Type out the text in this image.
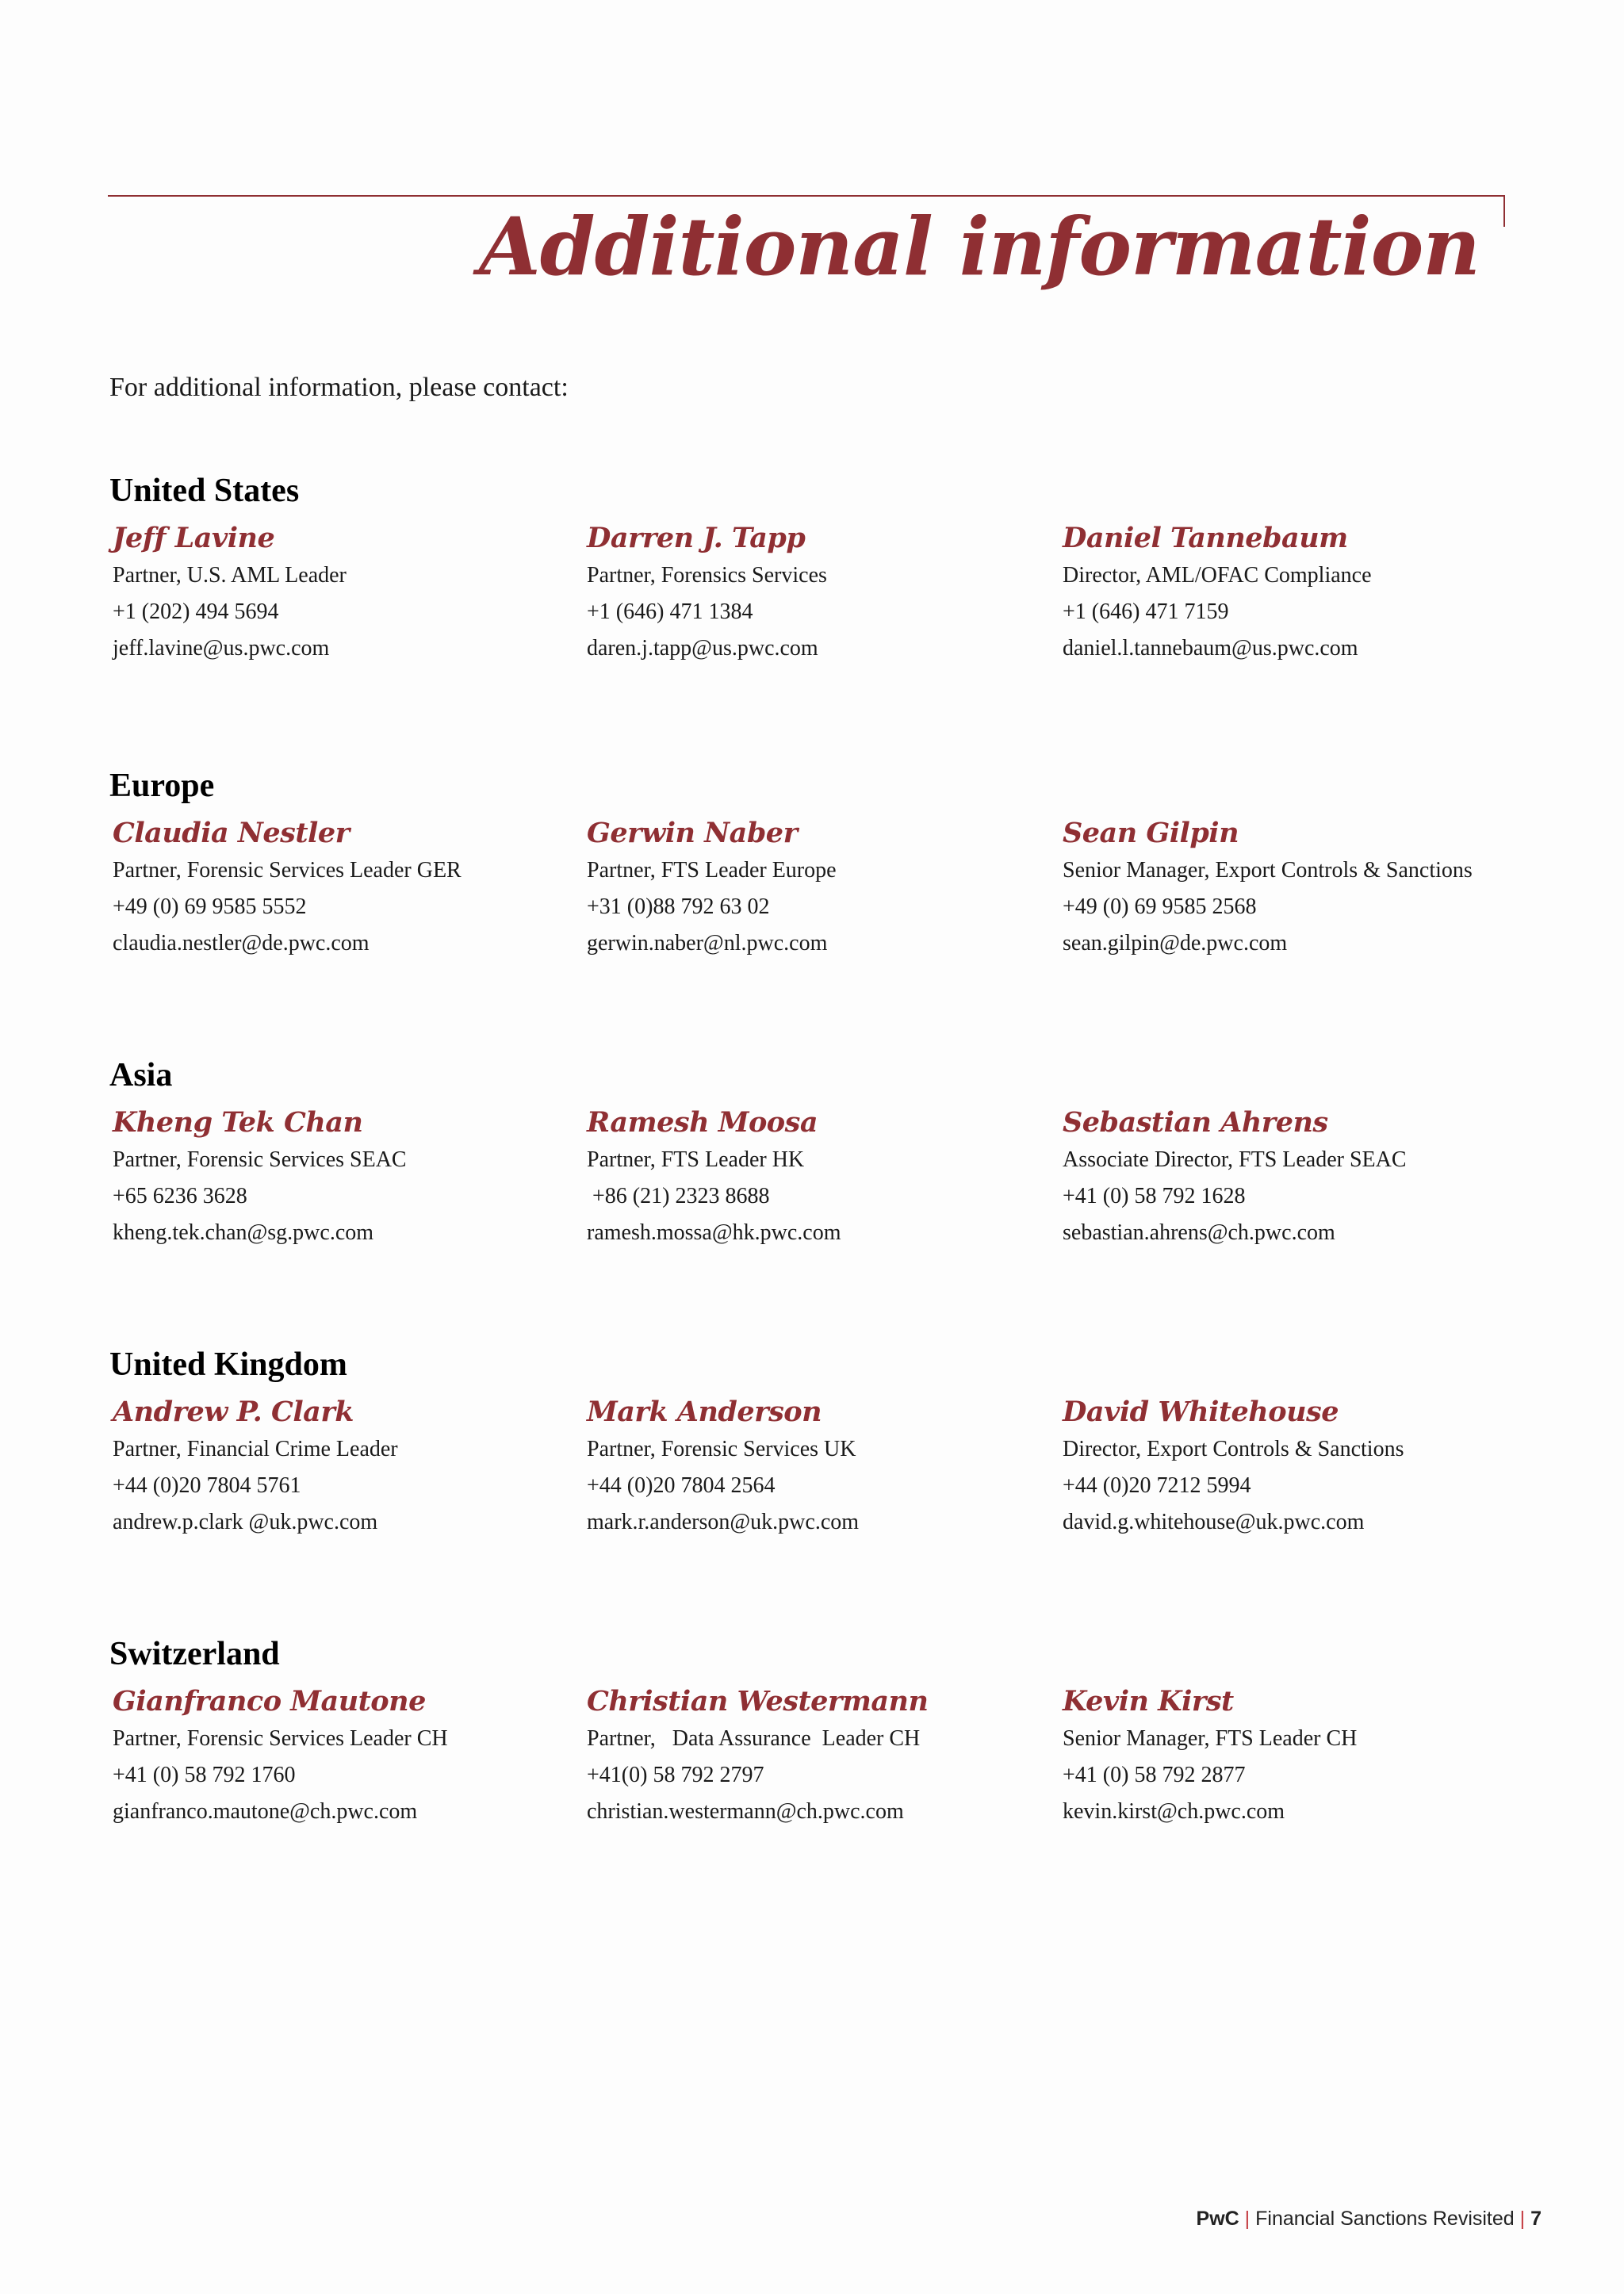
Additional information

For additional information, please contact:

United States
Jeff Lavine
Partner, U.S. AML Leader
+1 (202) 494 5694
jeff.lavine@us.pwc.com
Darren J. Tapp
Partner, Forensics Services
+1 (646) 471 1384
daren.j.tapp@us.pwc.com
Daniel Tannebaum
Director, AML/OFAC Compliance
+1 (646) 471 7159
daniel.l.tannebaum@us.pwc.com
Europe
Claudia Nestler
Partner, Forensic Services Leader GER
+49 (0) 69 9585 5552
claudia.nestler@de.pwc.com
Gerwin Naber
Partner, FTS Leader Europe
+31 (0)88 792 63 02
gerwin.naber@nl.pwc.com
Sean Gilpin
Senior Manager, Export Controls & Sanctions
+49 (0) 69 9585 2568
sean.gilpin@de.pwc.com
Asia
Kheng Tek Chan
Partner, Forensic Services SEAC
+65 6236 3628
kheng.tek.chan@sg.pwc.com
Ramesh Moosa
Partner, FTS Leader HK
+86 (21) 2323 8688
ramesh.mossa@hk.pwc.com
Sebastian Ahrens
Associate Director, FTS Leader SEAC
+41 (0) 58 792 1628
sebastian.ahrens@ch.pwc.com
United Kingdom
Andrew P. Clark
Partner, Financial Crime Leader
+44 (0)20 7804 5761
andrew.p.clark @uk.pwc.com
Mark Anderson
Partner, Forensic Services UK
+44 (0)20 7804 2564
mark.r.anderson@uk.pwc.com
David Whitehouse
Director, Export Controls & Sanctions
+44 (0)20 7212 5994
david.g.whitehouse@uk.pwc.com
Switzerland
Gianfranco Mautone
Partner, Forensic Services Leader CH
+41 (0) 58 792 1760
gianfranco.mautone@ch.pwc.com
Christian Westermann
Partner,   Data Assurance  Leader CH
+41(0) 58 792 2797
christian.westermann@ch.pwc.com
Kevin Kirst
Senior Manager, FTS Leader CH
+41 (0) 58 792 2877
kevin.kirst@ch.pwc.com
PwC | Financial Sanctions Revisited | 7
